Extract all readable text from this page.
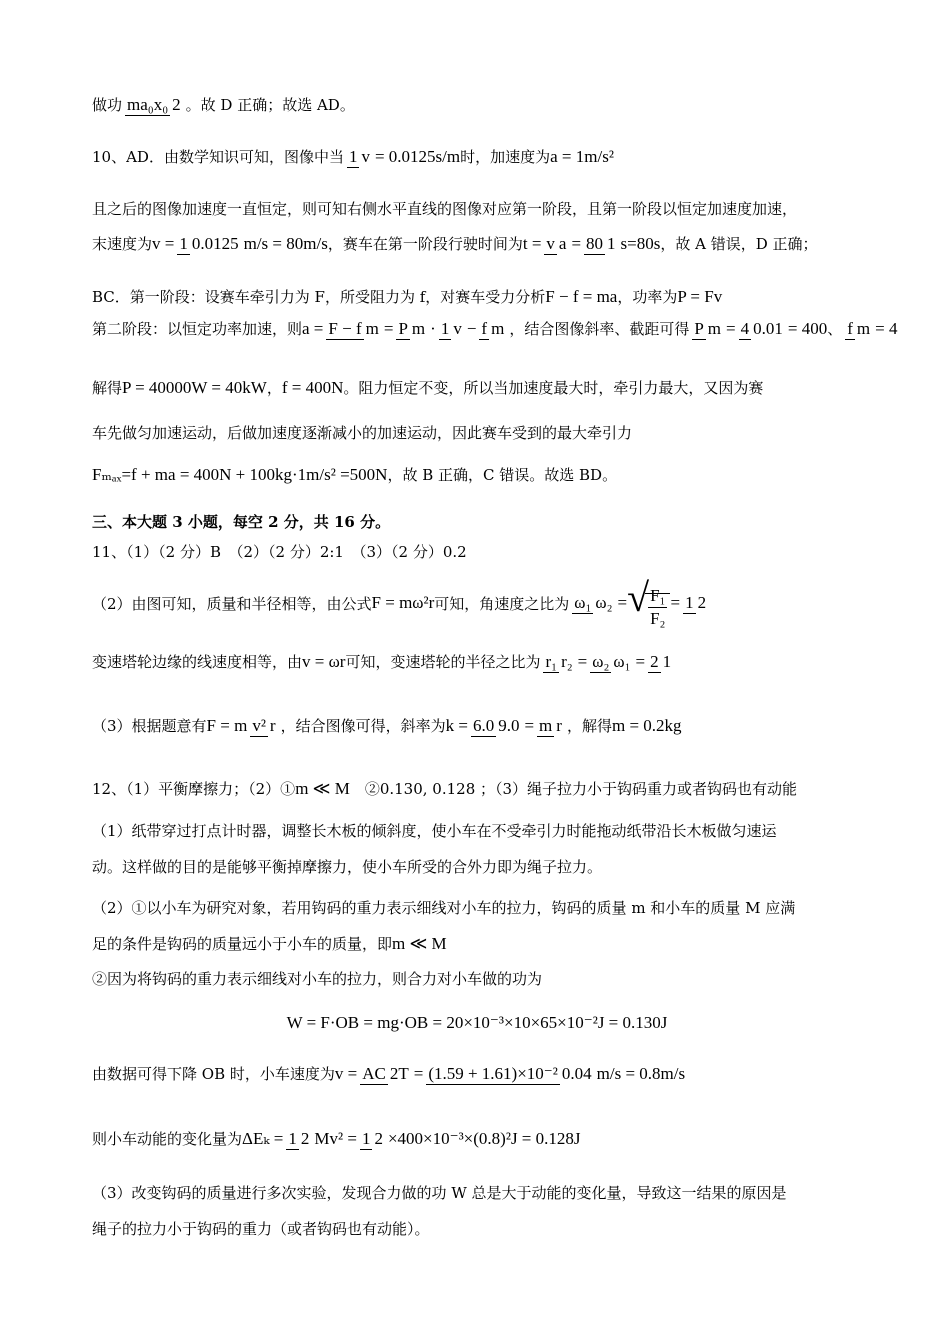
做功 ma₀x₀ 2 。故 D 正确；故选 AD。
10、AD．由数学知识可知，图像中当 1 v = 0.0125s/m 时，加速度为 a = 1m/s²
且之后的图像加速度一直恒定，则可知右侧水平直线的图像对应第一阶段，且第一阶段以恒定加速度加速，
末速度为 v = 1 0.0125 m/s = 80m/s ，赛车在第一阶段行驶时间为 t = v a = 80 1 s=80s ，故 A 错误，D 正确；
BC．第一阶段：设赛车牵引力为 F，所受阻力为 f，对赛车受力分析 F − f = ma ，功率为 P = Fv
第二阶段：以恒定功率加速，则 a = F − f m = P m · 1 v − f m ，结合图像斜率、截距可得 P m = 4 0.01 = 400 、 f m = 4
解得 P = 40000W = 40kW ， f = 400N 。阻力恒定不变，所以当加速度最大时，牵引力最大，又因为赛
车先做匀加速运动，后做加速度逐渐减小的加速运动，因此赛车受到的最大牵引力
Fₘₐₓ=f + ma = 400N + 100kg·1m/s² =500N ，故 B 正确，C 错误。故选 BD。
三、本大题 3 小题，每空 2 分，共 16 分。
11、（1）（2 分）B　（2）（2 分）2:1　（3）（2 分）0.2
（2）由图可知，质量和半径相等，由公式 F = mω²r 可知，角速度之比为 ω₁ ω₂ = √ $\frac{\text{F₁}}{\text{F₂}} = 1$ 2
变速塔轮边缘的线速度相等，由 v = ωr 可知，变速塔轮的半径之比为 r₁ r₂ = ω₂ ω₁ = 2 1
（3）根据题意有 F = m v² r ，结合图像可得，斜率为 k = 6.0 9.0 = m r ，解得 m = 0.2kg
12、（1）平衡摩擦力；（2）① m ≪ M 　②0.130, 0.128 ；（3）绳子拉力小于钩码重力或者钩码也有动能
（1）纸带穿过打点计时器，调整长木板的倾斜度，使小车在不受牵引力时能拖动纸带沿长木板做匀速运
动。这样做的目的是能够平衡掉摩擦力，使小车所受的合外力即为绳子拉力。
（2）①以小车为研究对象，若用钩码的重力表示细线对小车的拉力，钩码的质量 m 和小车的质量 M 应满
足的条件是钩码的质量远小于小车的质量，即 m ≪ M
②因为将钩码的重力表示细线对小车的拉力，则合力对小车做的功为
W = F·OB = mg·OB = 20×10⁻³×10×65×10⁻²J = 0.130J
由数据可得下降 OB 时，小车速度为 v = AC 2T = (1.59 + 1.61)×10⁻² 0.04 m/s = 0.8m/s
则小车动能的变化量为 ΔEₖ = 1 2 Mv² = 1 2 ×400×10⁻³×(0.8)²J = 0.128J
（3）改变钩码的质量进行多次实验，发现合力做的功 W 总是大于动能的变化量，导致这一结果的原因是
绳子的拉力小于钩码的重力（或者钩码也有动能）。
